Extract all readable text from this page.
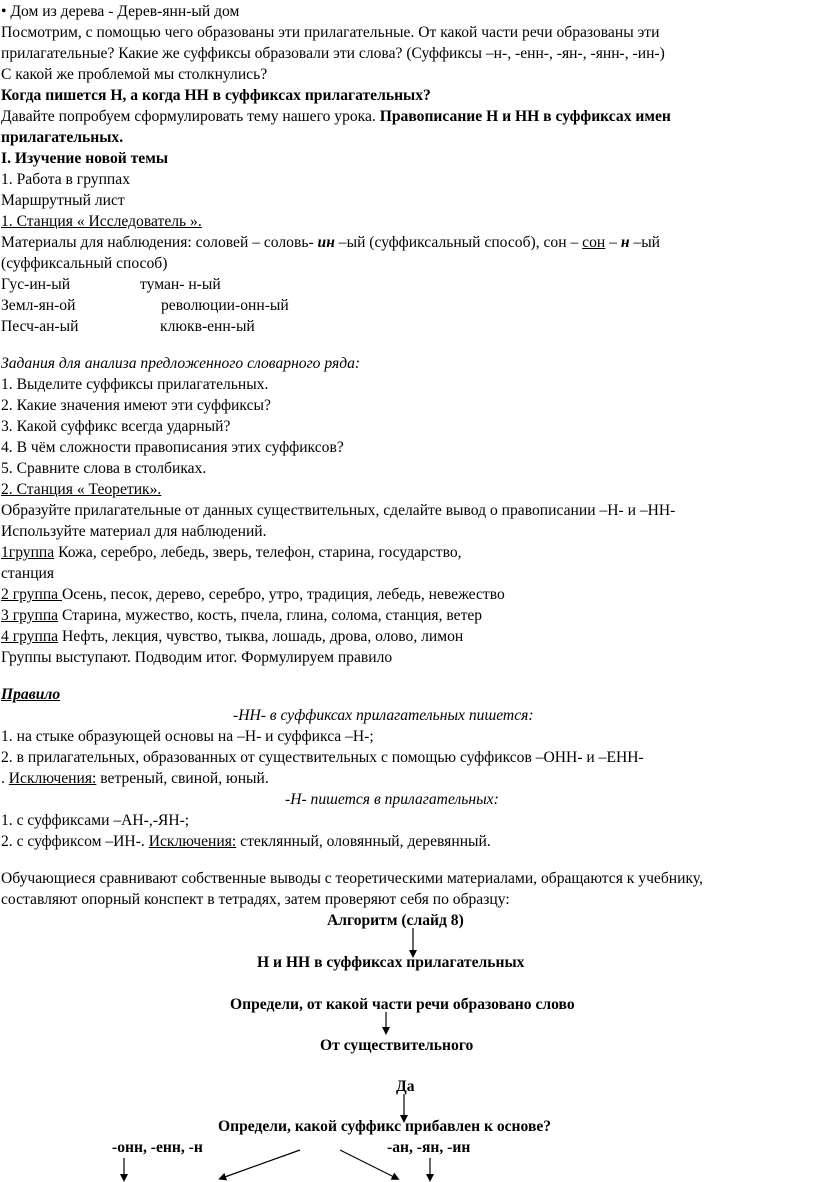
• Дом из дерева - Дерев-янн-ый дом
Посмотрим, с помощью чего образованы эти прилагательные. От какой части речи образованы эти
прилагательные? Какие же суффиксы образовали эти слова? (Суффиксы –н-, -енн-, -ян-, -янн-, -ин-)
С какой же проблемой мы столкнулись?
Когда пишется Н, а когда НН в суффиксах прилагательных?
Давайте попробуем сформулировать тему нашего урока. Правописание Н и НН в суффиксах имен
прилагательных.
I. Изучение новой темы
1. Работа в группах
Маршрутный лист
1. Станция « Исследователь ».
Материалы для наблюдения: соловей – соловь- ин –ый (суффиксальный способ), сон – сон – н –ый
(суффиксальный способ)
Гус-ин-ый	туман- н-ый
Земл-ян-ой	революции-онн-ый
Песч-ан-ый	клюкв-енн-ый
Задания для анализа предложенного словарного ряда:
1. Выделите суффиксы прилагательных.
2. Какие значения имеют эти суффиксы?
3. Какой суффикс всегда ударный?
4. В чём сложности правописания этих суффиксов?
5. Сравните слова в столбиках.
2. Станция « Теоретик».
Образуйте прилагательные от данных существительных, сделайте вывод о правописании –Н- и –НН-
Используйте материал для наблюдений.
1группа Кожа, серебро, лебедь, зверь, телефон, старина, государство,
станция
2 группа Осень, песок, дерево, серебро, утро, традиция, лебедь, невежество
3 группа Старина, мужество, кость, пчела, глина, солома, станция, ветер
4 группа Нефть, лекция, чувство, тыква, лошадь, дрова, олово, лимон
Группы выступают. Подводим итог. Формулируем правило
Правило
-НН- в суффиксах прилагательных пишется:
1. на стыке образующей основы на –Н- и суффикса –Н-;
2. в прилагательных, образованных от существительных с помощью суффиксов –ОНН- и –ЕНН-
. Исключения: ветреный, свиной, юный.
-Н- пишется в прилагательных:
1. с суффиксами –АН-,-ЯН-;
2. с суффиксом –ИН-. Исключения: стеклянный, оловянный, деревянный.
Обучающиеся сравнивают собственные выводы с теоретическими материалами, обращаются к учебнику,
составляют опорный конспект в тетрадях, затем проверяют себя по образцу:
Алгоритм (слайд 8)
Н и НН в суффиксах прилагательных
Определи, от какой части речи образовано слово
От существительного
Да
Определи, какой суффикс прибавлен к основе?
-онн, -енн, -н	-ан, -ян, -ин
